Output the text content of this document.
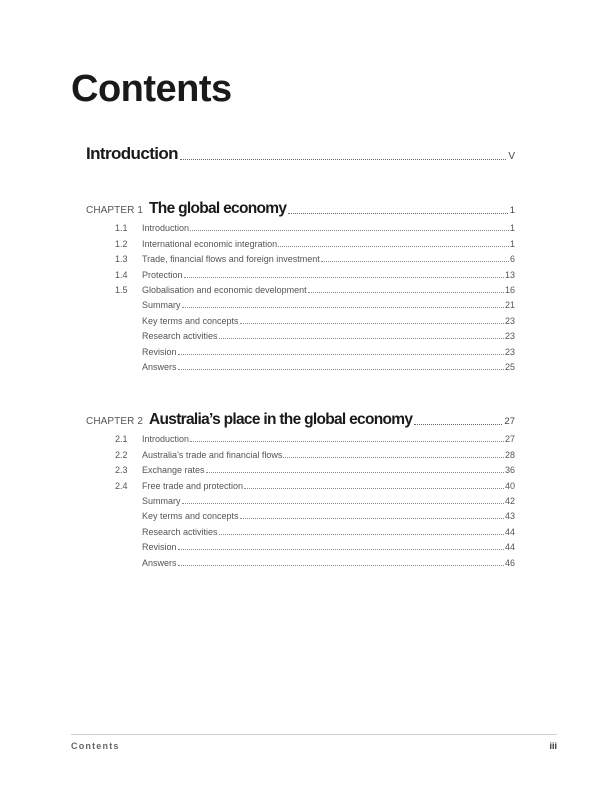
Contents
Introduction	V
CHAPTER 1 The global economy	1
1.1	Introduction	1
1.2	International economic integration	1
1.3	Trade, financial flows and foreign investment	6
1.4	Protection	13
1.5	Globalisation and economic development	16
Summary	21
Key terms and concepts	23
Research activities	23
Revision	23
Answers	25
CHAPTER 2 Australia’s place in the global economy	27
2.1	Introduction	27
2.2	Australia’s trade and financial flows	28
2.3	Exchange rates	36
2.4	Free trade and protection	40
Summary	42
Key terms and concepts	43
Research activities	44
Revision	44
Answers	46
Contents	iii
